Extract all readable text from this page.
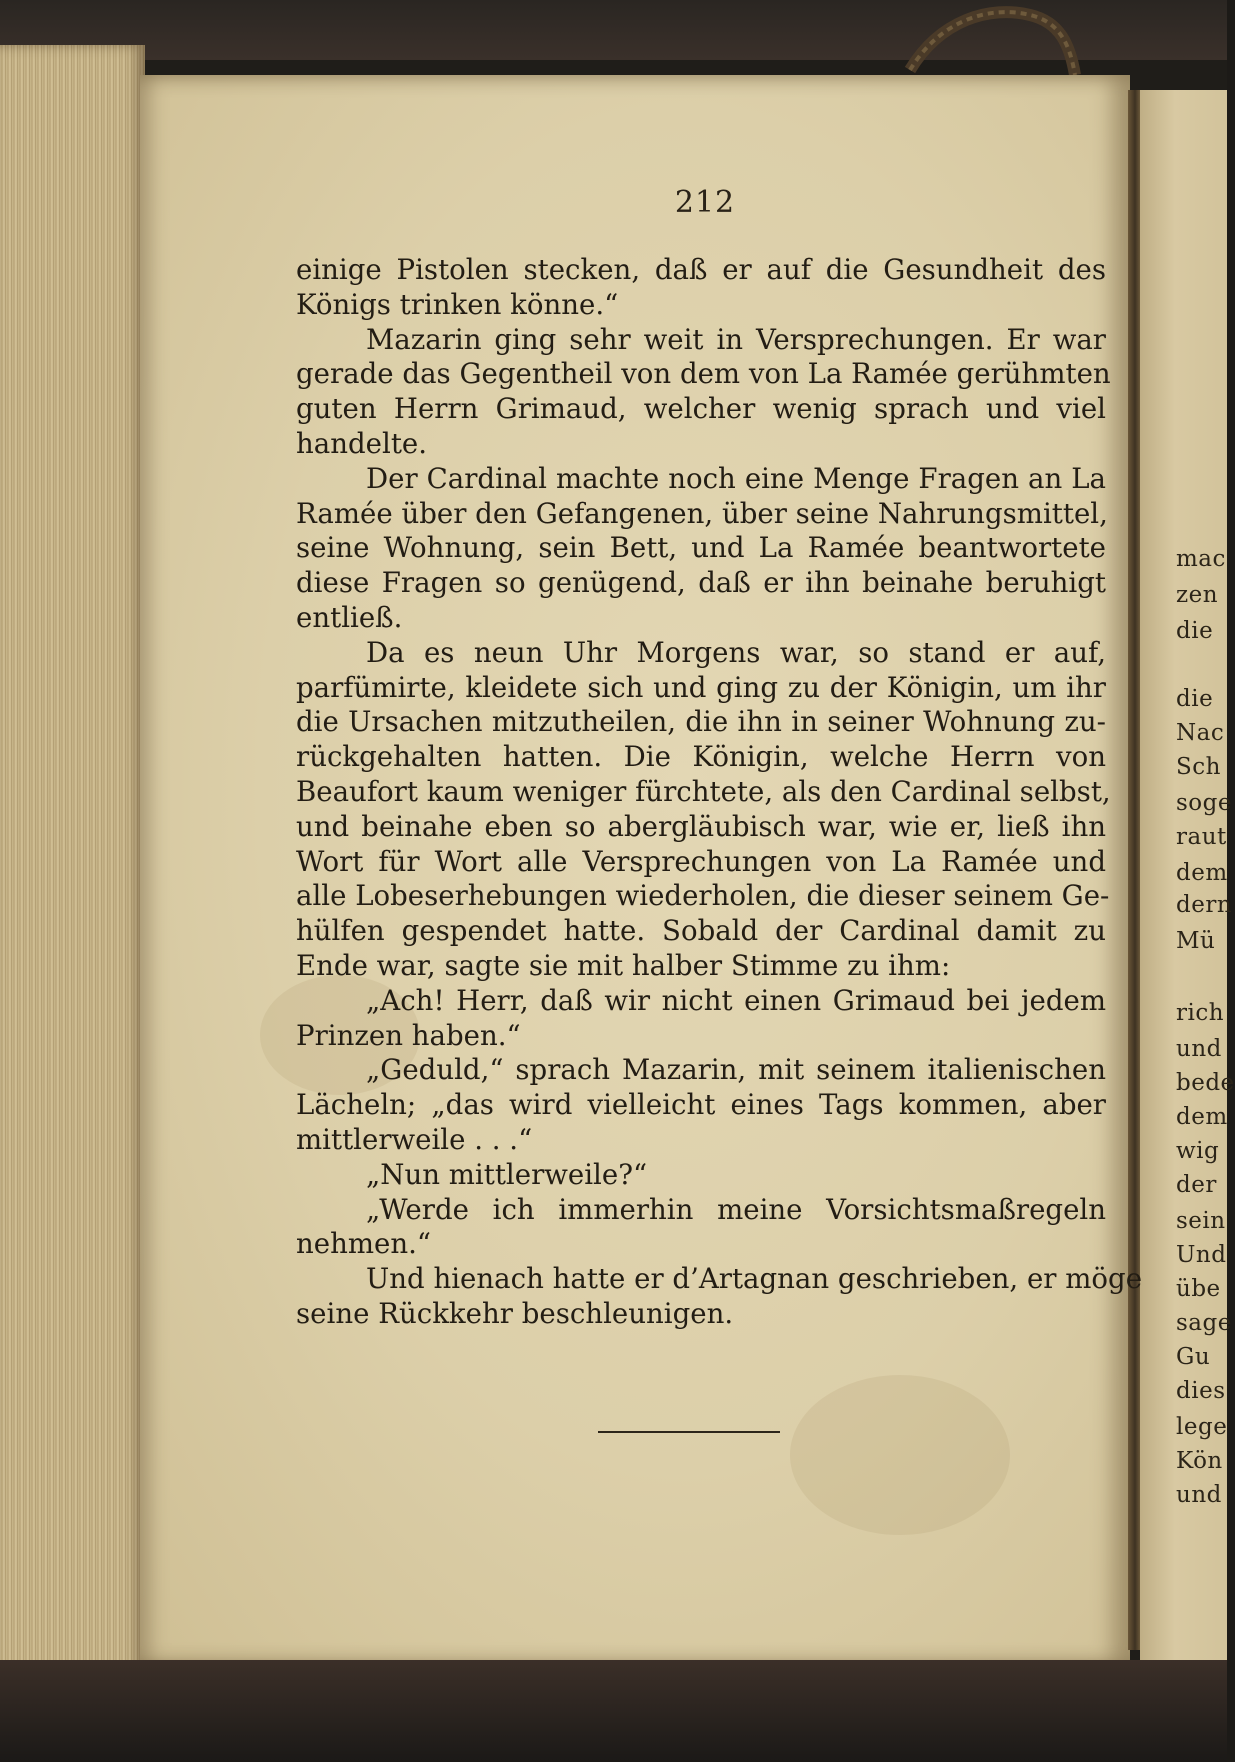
mac
zen
die
die
Nac
Sch
soge
raut
dem
dern
Mü
rich
und
bede
dem
wig
der
sein
Und
übe
sage
Gu
dies
lege
Kön
und
212
einige Pistolen stecken, daß er auf die Gesundheit des
Königs trinken könne.“
Mazarin ging sehr weit in Versprechungen. Er war
gerade das Gegentheil von dem von La Ramée gerühmten
guten Herrn Grimaud, welcher wenig sprach und viel
handelte.
Der Cardinal machte noch eine Menge Fragen an La
Ramée über den Gefangenen, über seine Nahrungsmittel,
seine Wohnung, sein Bett, und La Ramée beantwortete
diese Fragen so genügend, daß er ihn beinahe beruhigt
entließ.
Da es neun Uhr Morgens war, so stand er auf,
parfümirte, kleidete sich und ging zu der Königin, um ihr
die Ursachen mitzutheilen, die ihn in seiner Wohnung zu-
rückgehalten hatten. Die Königin, welche Herrn von
Beaufort kaum weniger fürchtete, als den Cardinal selbst,
und beinahe eben so abergläubisch war, wie er, ließ ihn
Wort für Wort alle Versprechungen von La Ramée und
alle Lobeserhebungen wiederholen, die dieser seinem Ge-
hülfen gespendet hatte. Sobald der Cardinal damit zu
Ende war, sagte sie mit halber Stimme zu ihm:
„Ach! Herr, daß wir nicht einen Grimaud bei jedem
Prinzen haben.“
„Geduld,“ sprach Mazarin, mit seinem italienischen
Lächeln; „das wird vielleicht eines Tags kommen, aber
mittlerweile . . .“
„Nun mittlerweile?“
„Werde ich immerhin meine Vorsichtsmaßregeln
nehmen.“
Und hienach hatte er d’Artagnan geschrieben, er möge
seine Rückkehr beschleunigen.
